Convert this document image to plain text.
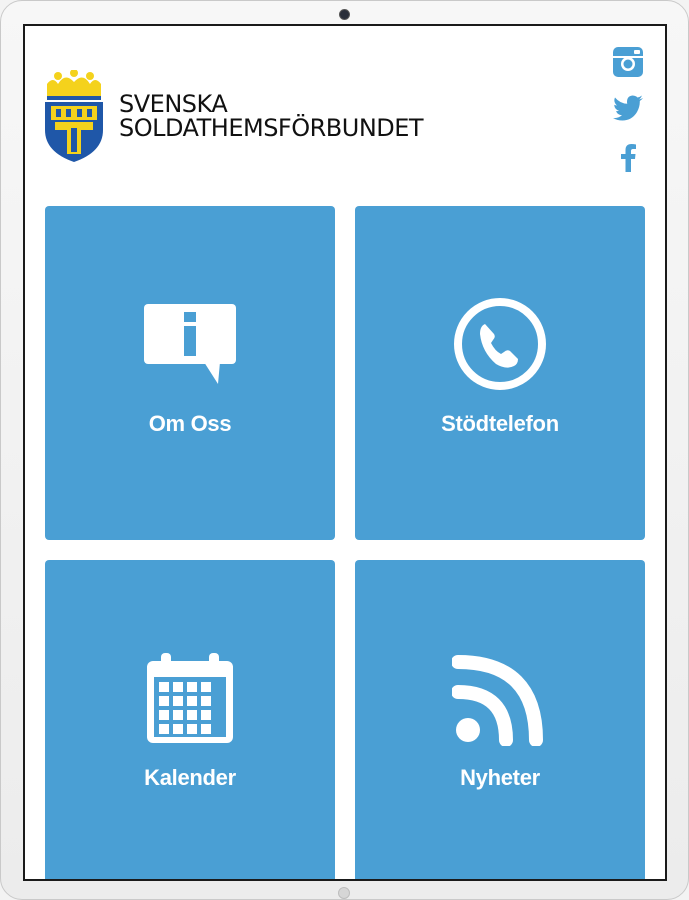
SVENSKA
SOLDATHEMSFÖRBUNDET
Om Oss	Stödtelefon
Kalender	Nyheter
